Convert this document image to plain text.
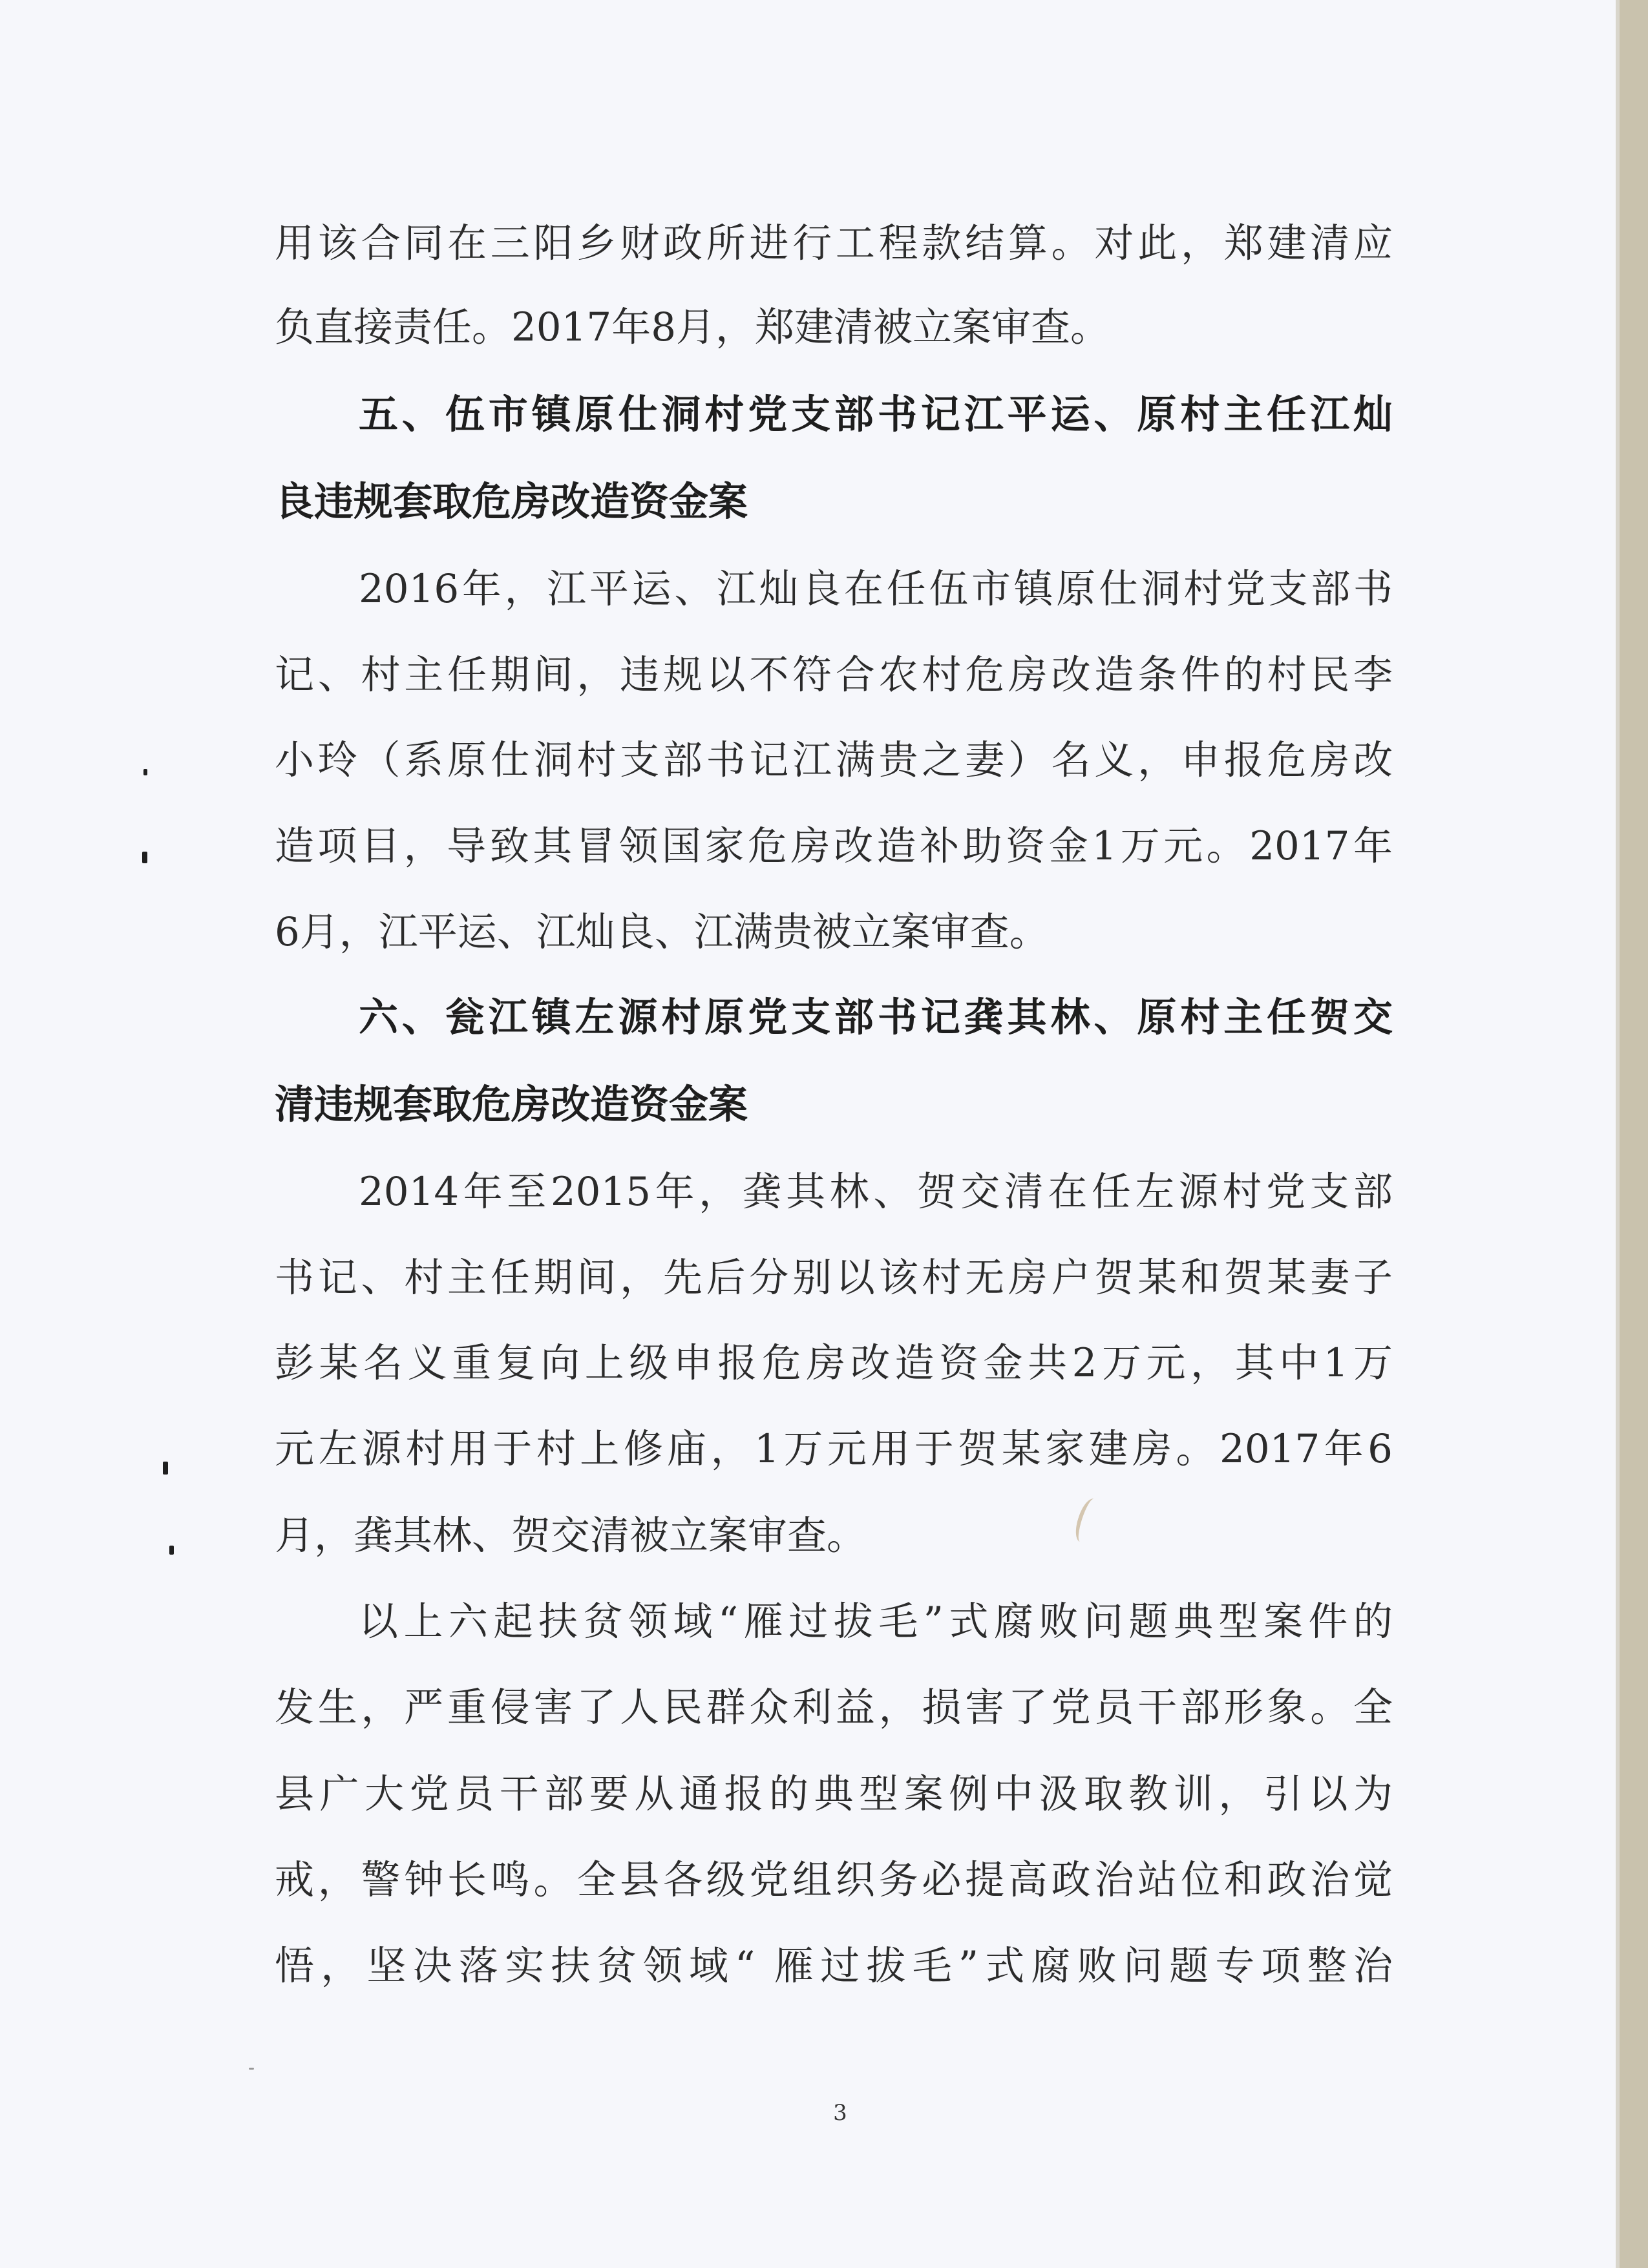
用该合同在三阳乡财政所进行工程款结算。对此，郑建清应
负直接责任。2017年8月，郑建清被立案审查。
五、伍市镇原仕洞村党支部书记江平运、原村主任江灿
良违规套取危房改造资金案
2016年，江平运、江灿良在任伍市镇原仕洞村党支部书
记、村主任期间，违规以不符合农村危房改造条件的村民李
小玲（系原仕洞村支部书记江满贵之妻）名义，申报危房改
造项目，导致其冒领国家危房改造补助资金1万元。2017年
6月，江平运、江灿良、江满贵被立案审查。
六、瓮江镇左源村原党支部书记龚其林、原村主任贺交
清违规套取危房改造资金案
2014年至2015年，龚其林、贺交清在任左源村党支部
书记、村主任期间，先后分别以该村无房户贺某和贺某妻子
彭某名义重复向上级申报危房改造资金共2万元，其中1万
元左源村用于村上修庙，1万元用于贺某家建房。2017年6
月，龚其林、贺交清被立案审查。
以上六起扶贫领域“雁过拔毛”式腐败问题典型案件的
发生，严重侵害了人民群众利益，损害了党员干部形象。全
县广大党员干部要从通报的典型案例中汲取教训，引以为
戒，警钟长鸣。全县各级党组织务必提高政治站位和政治觉
悟，坚决落实扶贫领域“ 雁过拔毛”式腐败问题专项整治
3
